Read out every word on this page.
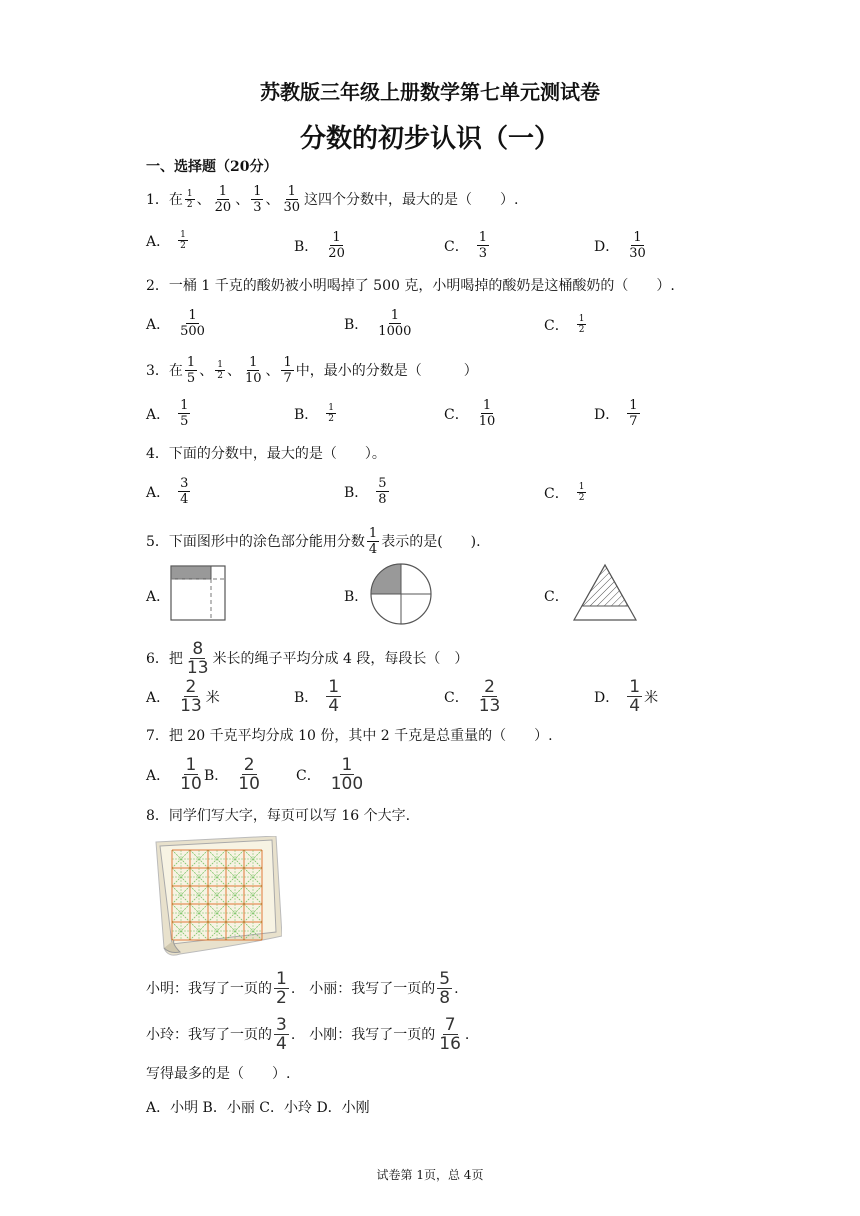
苏教版三年级上册数学第七单元测试卷
分数的初步认识（一）
一、选择题（20分）
1． 在 $\frac{1}{2}$ 、 $\frac{1}{20}$ 、 $\frac{1}{3}$ 、 $\frac{1}{30}$ 这四个分数中，最大的是（　　）.
A． $\frac{1}{2}$	B． $\frac{1}{20}$	C． $\frac{1}{3}$	D． $\frac{1}{30}$
2．一桶 1 千克的酸奶被小明喝掉了 500 克，小明喝掉的酸奶是这桶酸奶的（　　）.
A． $\frac{1}{500}$	B． $\frac{1}{1000}$	C． $\frac{1}{2}$
3． 在 $\frac{1}{5}$ 、 $\frac{1}{2}$ 、 $\frac{1}{10}$ 、 $\frac{1}{7}$ 中，最小的分数是（　　　）
A． $\frac{1}{5}$	B． $\frac{1}{2}$	C． $\frac{1}{10}$	D． $\frac{1}{7}$
4．下面的分数中，最大的是（　　）。
A． $\frac{3}{4}$	B． $\frac{5}{8}$	C． $\frac{1}{2}$
5．下面图形中的涂色部分能用分数 $\frac{1}{4}$ 表示的是(　　).
A．	B．	C．
6．把 $\frac{8}{13}$ 米长的绳子平均分成 4 段，每段长（　）
A． $\frac{2}{13}$ 米	B． $\frac{1}{4}$	C． $\frac{2}{13}$	D． $\frac{1}{4}$ 米
7．把 20 千克平均分成 10 份，其中 2 千克是总重量的（　　）.
A． $\frac{1}{10}$ B． $\frac{2}{10}$ C． $\frac{1}{100}$
8．同学们写大字，每页可以写 16 个大字.
小明：我写了一页的 $\frac{1}{2}$ .　小丽：我写了一页的 $\frac{5}{8}$ .
小玲：我写了一页的 $\frac{3}{4}$ .　小刚：我写了一页的 $\frac{7}{16}$ .
写得最多的是（　　）.
A．小明 B．小丽 C．小玲 D．小刚
试卷第 1页，总 4页
